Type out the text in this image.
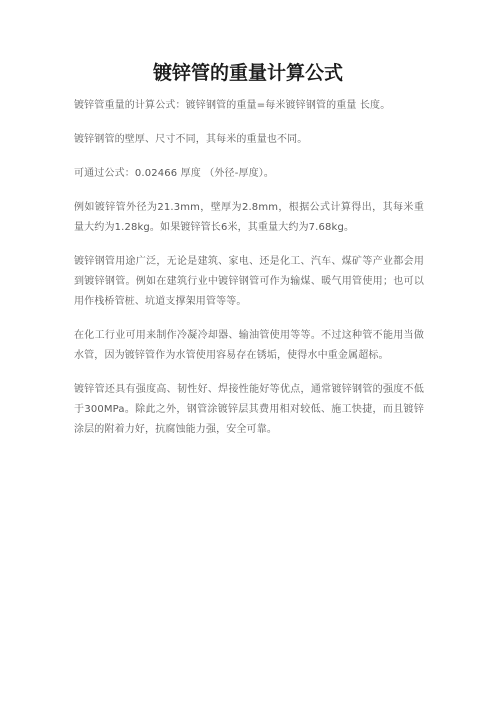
镀锌管的重量计算公式

镀锌管重量的计算公式：镀锌钢管的重量=每米镀锌钢管的重量 长度。

镀锌钢管的壁厚、尺寸不同，其每米的重量也不同。

可通过公式：0.02466 厚度 （外径-厚度）。

例如镀锌管外径为21.3mm，壁厚为2.8mm，根据公式计算得出，其每米重量大约为1.28kg。如果镀锌管长6米，其重量大约为7.68kg。

镀锌钢管用途广泛，无论是建筑、家电、还是化工、汽车、煤矿等产业都会用到镀锌钢管。例如在建筑行业中镀锌钢管可作为输煤、暖气用管使用；也可以用作栈桥管桩、坑道支撑架用管等等。

在化工行业可用来制作冷凝冷却器、输油管使用等等。不过这种管不能用当做水管，因为镀锌管作为水管使用容易存在锈垢，使得水中重金属超标。

镀锌管还具有强度高、韧性好、焊接性能好等优点，通常镀锌钢管的强度不低于300MPa。除此之外，钢管涂镀锌层其费用相对较低、施工快捷，而且镀锌涂层的附着力好，抗腐蚀能力强，安全可靠。
